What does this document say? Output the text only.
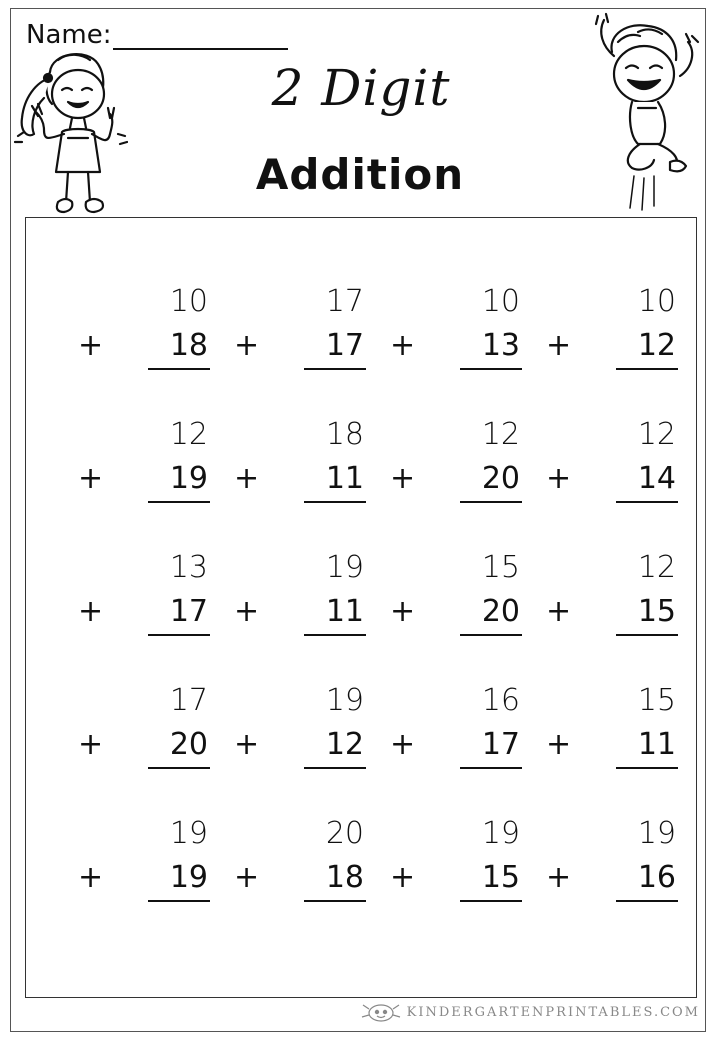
Name:
2 Digit
Addition
KINDERGARTENPRINTABLES.COM
10
+ 18
17
+ 17
10
+ 13
10
+ 12
12
+ 19
18
+ 11
12
+ 20
12
+ 14
13
+ 17
19
+ 11
15
+ 20
12
+ 15
17
+ 20
19
+ 12
16
+ 17
15
+ 11
19
+ 19
20
+ 18
19
+ 15
19
+ 16
